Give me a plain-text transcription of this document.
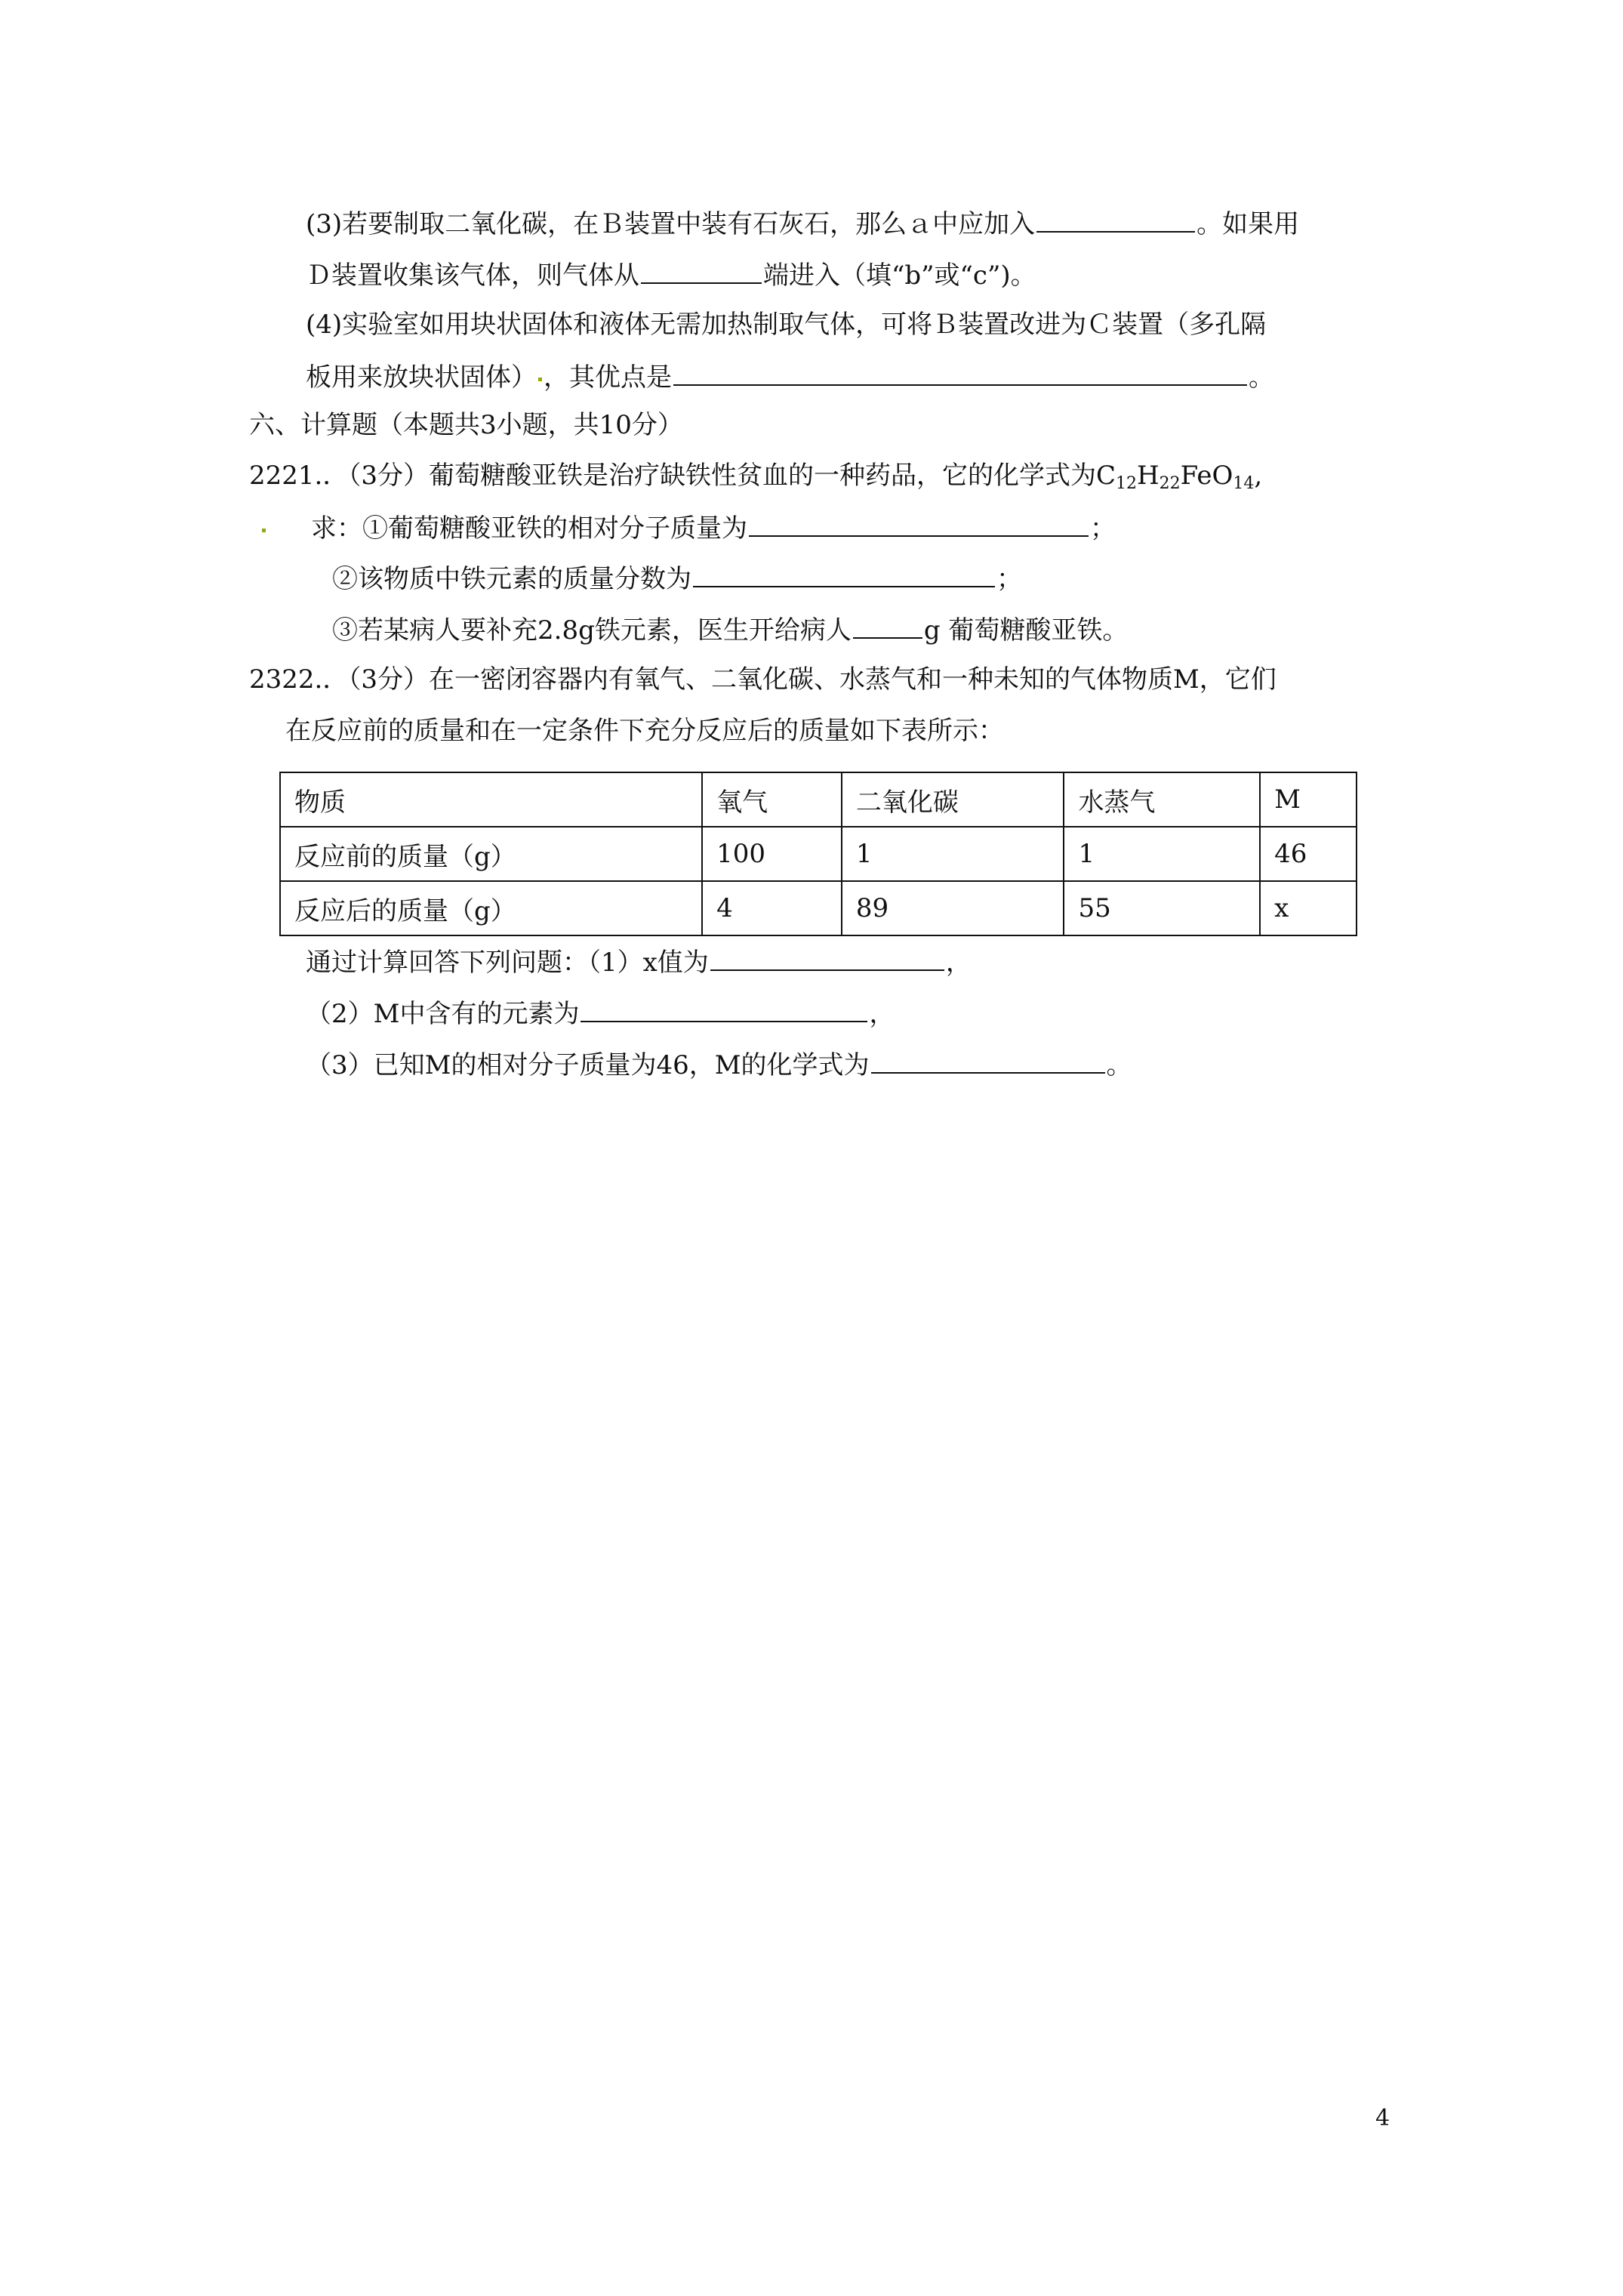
(3)若要制取二氧化碳，在Ｂ装置中装有石灰石，那么ａ中应加入	。如果用
Ｄ装置收集该气体，则气体从	端进入（填“b”或“c”)。
(4)实验室如用块状固体和液体无需加热制取气体，可将Ｂ装置改进为Ｃ装置（多孔隔
板用来放块状固体） ，其优点是	。
六、计算题（本题共3小题，共10分）
2221.．（3分）葡萄糖酸亚铁是治疗缺铁性贫血的一种药品，它的化学式为$C_{12}H_{22}FeO_{14}$,
求：①葡萄糖酸亚铁的相对分子质量为	；
②该物质中铁元素的质量分数为	；
③若某病人要补充2.8g铁元素，医生开给病人	g 葡萄糖酸亚铁。
2322.．（3分）在一密闭容器内有氧气、二氧化碳、水蒸气和一种未知的气体物质M，它们
在反应前的质量和在一定条件下充分反应后的质量如下表所示：
物质	氧气	二氧化碳	水蒸气	M
反应前的质量（g）	100	1	1	46
反应后的质量（g）	4	89	55	x
通过计算回答下列问题：（1）x值为	，
（2）M中含有的元素为	，
（3）已知M的相对分子质量为46，M的化学式为	。
4
